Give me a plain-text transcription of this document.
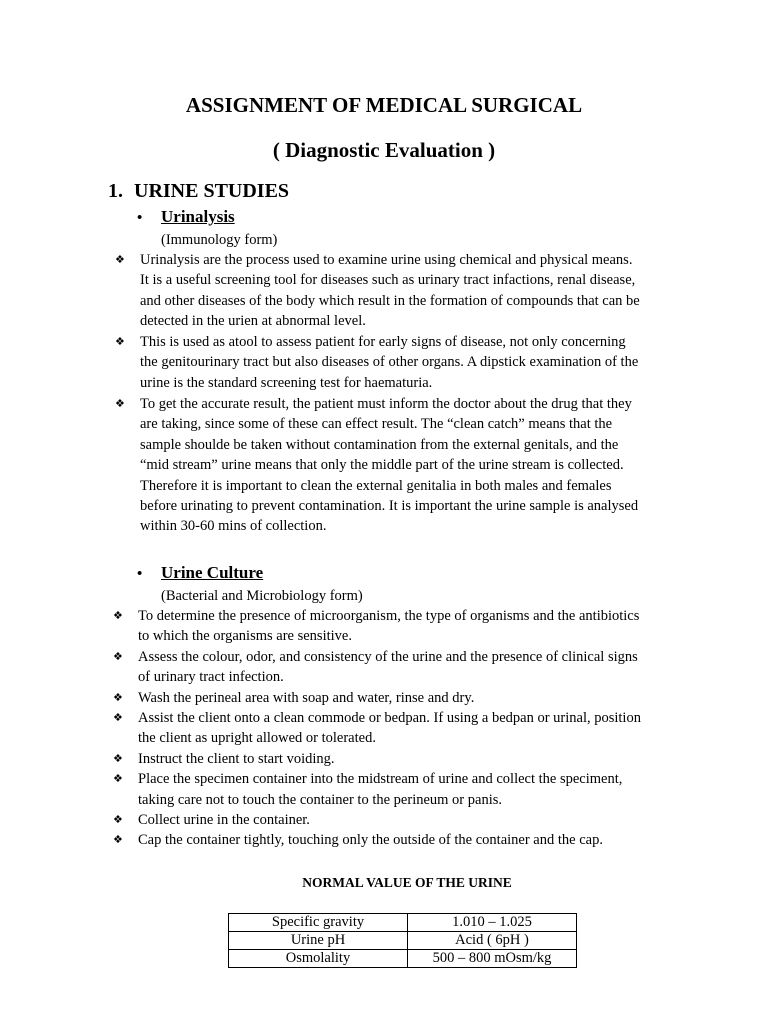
ASSIGNMENT OF MEDICAL SURGICAL
( Diagnostic Evaluation )
1. URINE STUDIES
• Urinalysis
(Immunology form)
❖	Urinalysis are the process used to examine urine using chemical and physical means.
It is a useful screening tool for diseases such as urinary tract infactions, renal disease,
and other diseases of the body which result in the formation of compounds that can be
detected in the urien at abnormal level.
❖	This is used as atool to assess patient for early signs of disease, not only concerning
the genitourinary tract but also diseases of other organs. A dipstick examination of the
urine is the standard screening test for haematuria.
❖	To get the accurate result, the patient must inform the doctor about the drug that they
are taking, since some of these can effect result. The “clean catch” means that the
sample shoulde be taken without contamination from the external genitals, and the
“mid stream” urine means that only the middle part of the urine stream is collected.
Therefore it is important to clean the external genitalia in both males and females
before urinating to prevent contamination. It is important the urine sample is analysed
within 30-60 mins of collection.
• Urine Culture
(Bacterial and Microbiology form)
❖	To determine the presence of microorganism, the type of organisms and the antibiotics
to which the organisms are sensitive.
❖	Assess the colour, odor, and consistency of the urine and the presence of clinical signs
of urinary tract infection.
❖	Wash the perineal area with soap and water, rinse and dry.
❖	Assist the client onto a clean commode or bedpan. If using a bedpan or urinal, position
the client as upright allowed or tolerated.
❖	Instruct the client to start voiding.
❖	Place the specimen container into the midstream of urine and collect the speciment,
taking care not to touch the container to the perineum or panis.
❖	Collect urine in the container.
❖	Cap the container tightly, touching only the outside of the container and the cap.
NORMAL VALUE OF THE URINE
Specific gravity	1.010 – 1.025
Urine pH	Acid ( 6pH )
Osmolality	500 – 800 mOsm/kg
